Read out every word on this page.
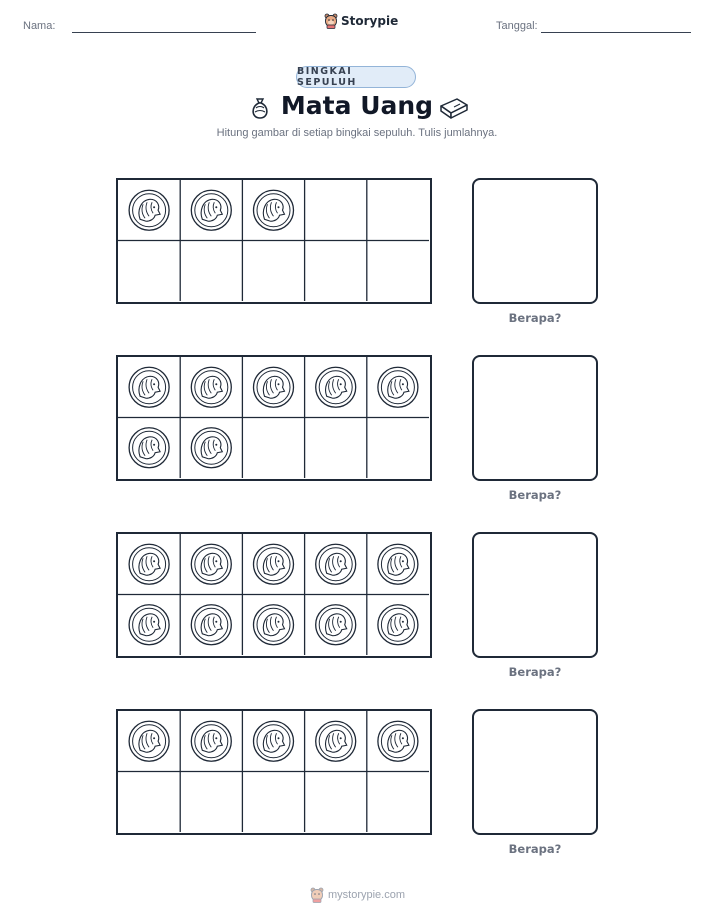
Nama:	Storypie	Tanggal:
BINGKAI SEPULUH
Mata Uang
Hitung gambar di setiap bingkai sepuluh. Tulis jumlahnya.
Berapa?
Berapa?
Berapa?
Berapa?
mystorypie.com
